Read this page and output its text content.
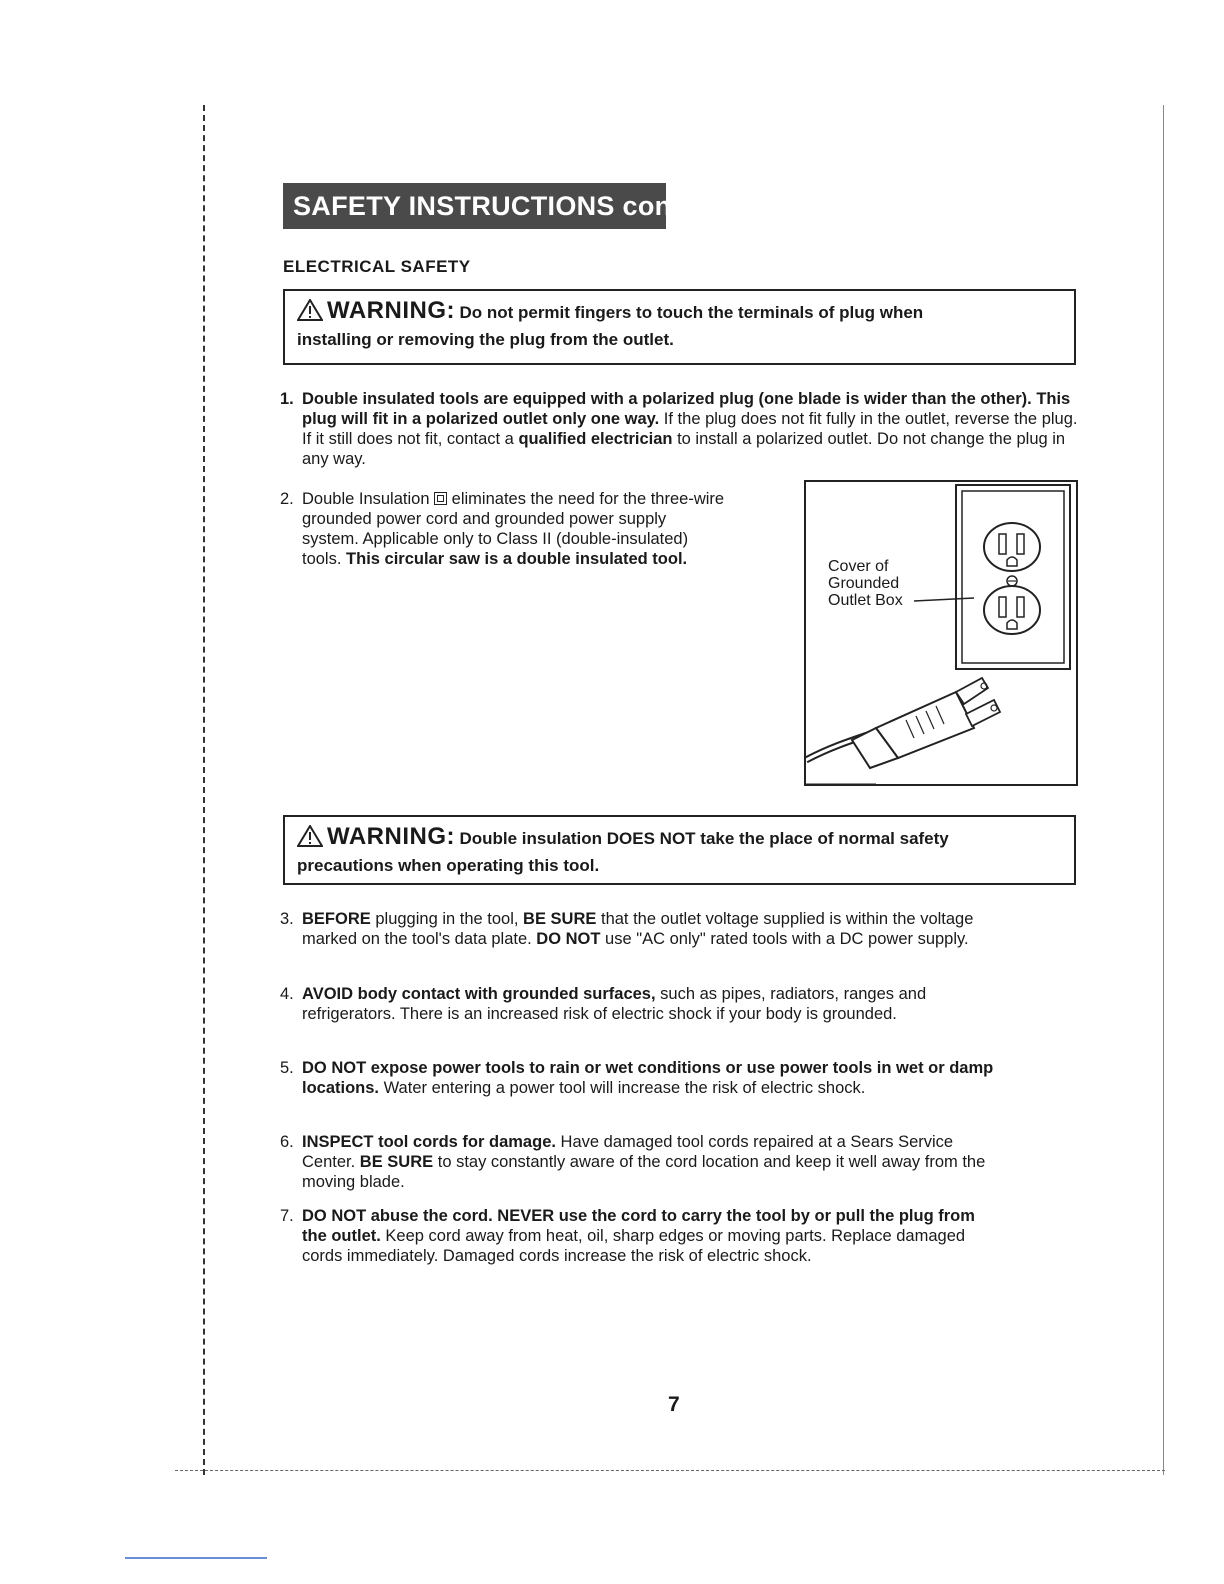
SAFETY INSTRUCTIONS cont.
ELECTRICAL SAFETY
WARNING: Do not permit fingers to touch the terminals of plug when
installing or removing the plug from the outlet.
1. Double insulated tools are equipped with a polarized plug (one blade is wider than the other). This plug will fit in a polarized outlet only one way. If the plug does not fit fully in the outlet, reverse the plug. If it still does not fit, contact a qualified electrician to install a polarized outlet. Do not change the plug in any way.
2. Double Insulation
eliminates the need for the three-wire grounded power cord and grounded power supply system. Applicable only to Class II (double-insulated) tools. This circular saw is a double insulated tool.	Cover of
Grounded
Outlet Box
WARNING: Double insulation DOES NOT take the place of normal safety
precautions when operating this tool.
3. BEFORE plugging in the tool, BE SURE that the outlet voltage supplied is within the voltage marked on the tool's data plate. DO NOT use "AC only" rated tools with a DC power supply.
4. AVOID body contact with grounded surfaces, such as pipes, radiators, ranges and refrigerators. There is an increased risk of electric shock if your body is grounded.
5. DO NOT expose power tools to rain or wet conditions or use power tools in wet or damp locations. Water entering a power tool will increase the risk of electric shock.
6. INSPECT tool cords for damage. Have damaged tool cords repaired at a Sears Service Center. BE SURE to stay constantly aware of the cord location and keep it well away from the moving blade.
7. DO NOT abuse the cord. NEVER use the cord to carry the tool by or pull the plug from the outlet. Keep cord away from heat, oil, sharp edges or moving parts. Replace damaged cords immediately. Damaged cords increase the risk of electric shock.
7
